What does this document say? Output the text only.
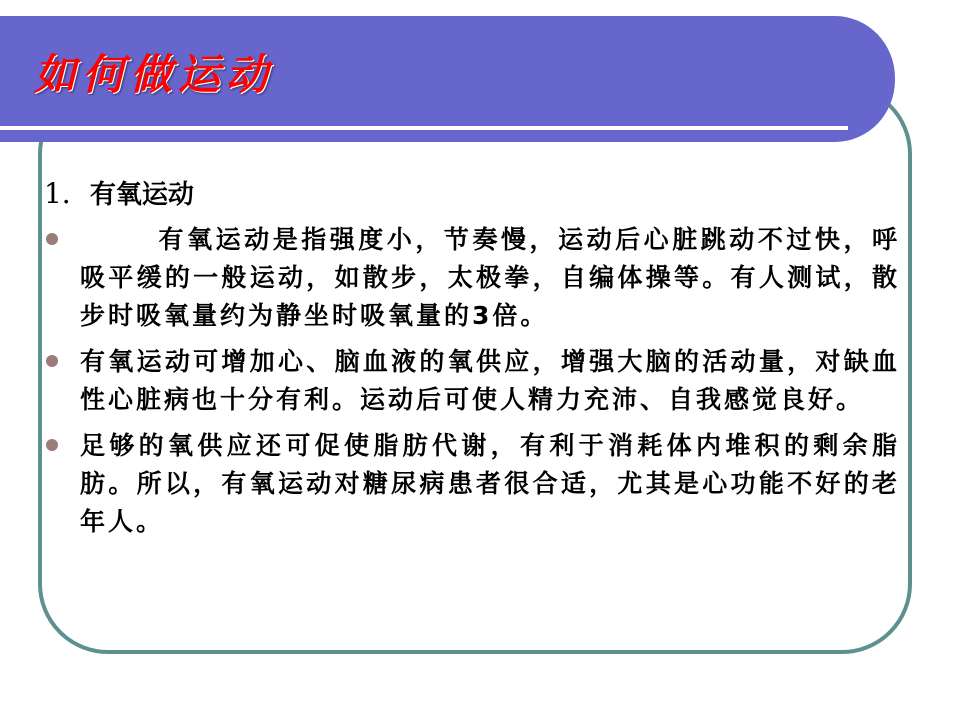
如何做运动
1．有氧运动
有氧运动是指强度小，节奏慢，运动后心脏跳动不过快，呼吸平缓的一般运动，如散步，太极拳，自编体操等。有人测试，散步时吸氧量约为静坐时吸氧量的3倍。
有氧运动可增加心、脑血液的氧供应，增强大脑的活动量，对缺血性心脏病也十分有利。运动后可使人精力充沛、自我感觉良好。
足够的氧供应还可促使脂肪代谢，有利于消耗体内堆积的剩余脂肪。所以，有氧运动对糖尿病患者很合适，尤其是心功能不好的老年人。
